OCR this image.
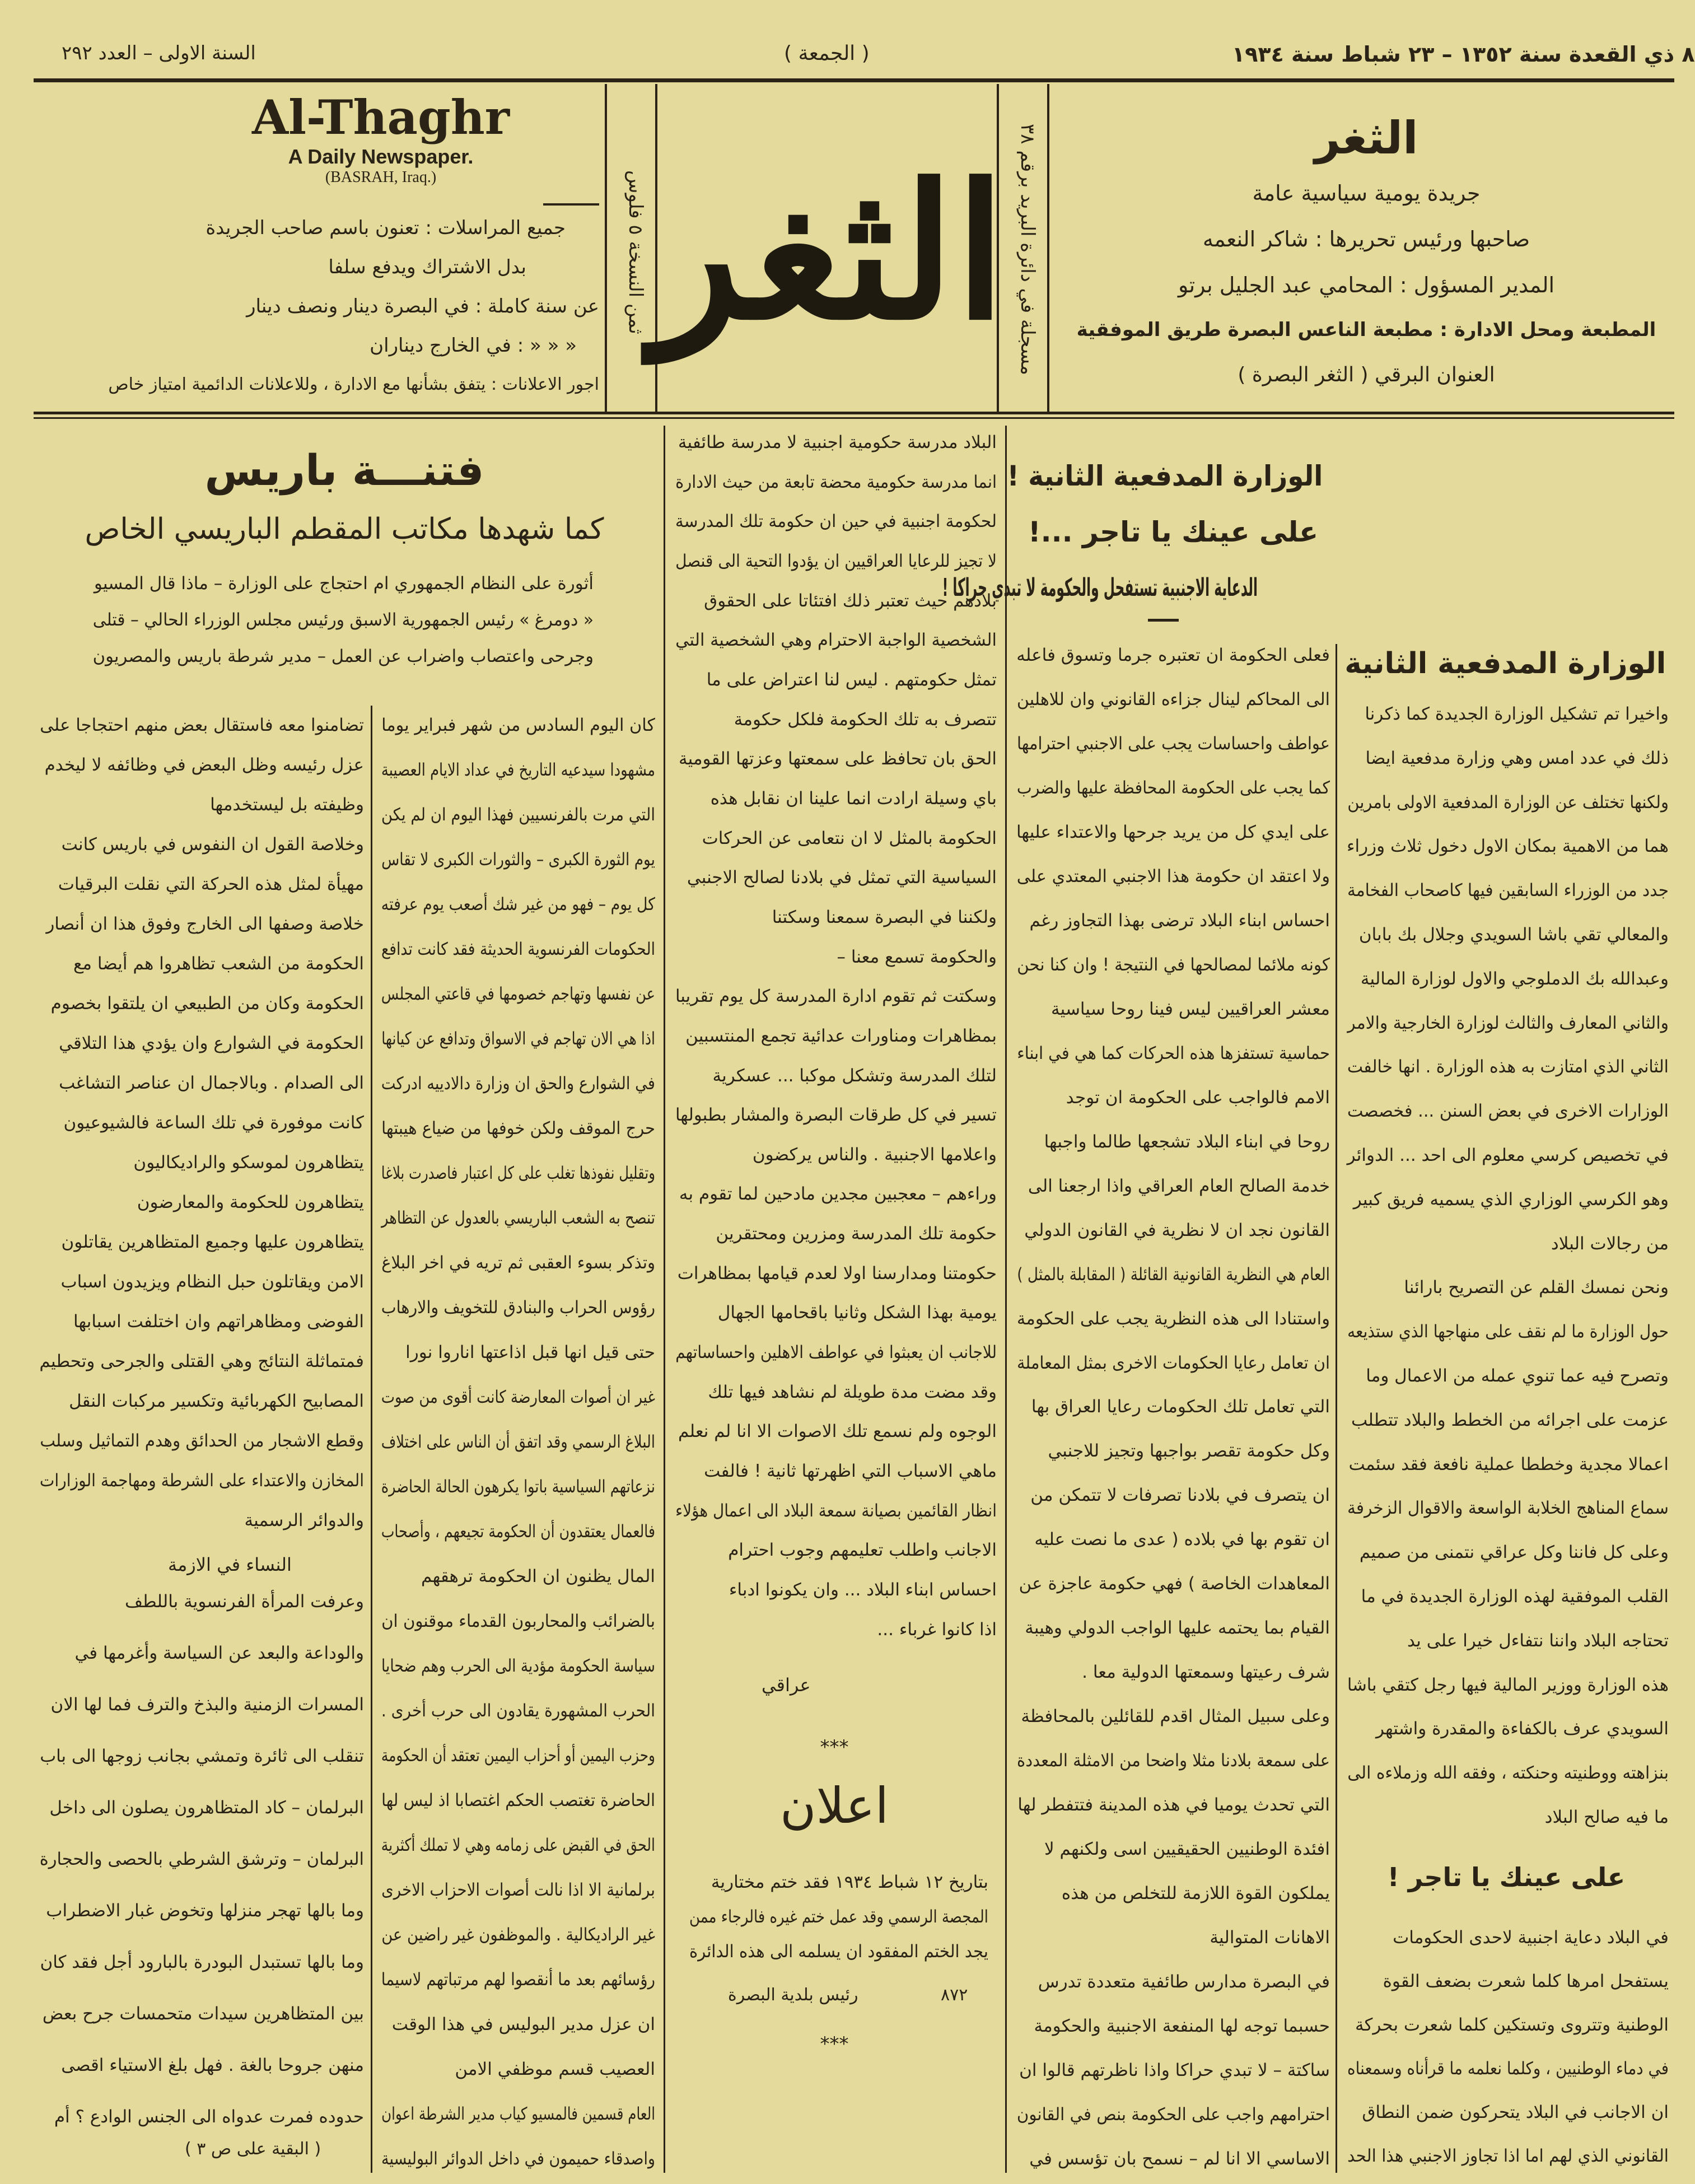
٨ ذي القعدة سنة ١٣٥٢ – ٢٣ شباط سنة ١٩٣٤
( الجمعة )
السنة الاولى – العدد ٢٩٢
ثمن النسخة ٥ فلوس
مسجلة في دائرة البريد برقم ٣٨
الثغر
الثغر
جريدة يومية سياسية عامة
صاحبها ورئيس تحريرها : شاكر النعمه
المدير المسؤول : المحامي عبد الجليل برتو
المطبعة ومحل الادارة : مطبعة الناعس البصرة طريق الموفقية
العنوان البرقي ( الثغر البصرة )
Al-Thaghr
A Daily Newspaper.
(BASRAH, Iraq.)
جميع المراسلات : تعنون باسم صاحب الجريدة
بدل الاشتراك ويدفع سلفا
عن سنة كاملة : في البصرة دينار ونصف دينار
« « « : في الخارج ديناران
اجور الاعلانات : يتفق بشأنها مع الادارة ، وللاعلانات الدائمية امتياز خاص
الوزارة المدفعية الثانية !
على عينك يا تاجر ...!
الدعاية الاجنبية تستفحل والحكومة لا تبدي حراكا !
الوزارة المدفعية الثانية
واخيرا تم تشكيل الوزارة الجديدة كما ذكرنا
ذلك في عدد امس وهي وزارة مدفعية ايضا
ولكنها تختلف عن الوزارة المدفعية الاولى بامرين
هما من الاهمية بمكان الاول دخول ثلاث وزراء
جدد من الوزراء السابقين فيها كاصحاب الفخامة
والمعالي تقي باشا السويدي وجلال بك بابان
وعبدالله بك الدملوجي والاول لوزارة المالية
والثاني المعارف والثالث لوزارة الخارجية والامر
الثاني الذي امتازت به هذه الوزارة . انها خالفت
الوزارات الاخرى في بعض السنن ... فخصصت
في تخصيص كرسي معلوم الى احد ... الدوائر
وهو الكرسي الوزاري الذي يسميه فريق كبير
من رجالات البلاد
ونحن نمسك القلم عن التصريح بارائنا
حول الوزارة ما لم نقف على منهاجها الذي ستذيعه
وتصرح فيه عما تنوي عمله من الاعمال وما
عزمت على اجرائه من الخطط والبلاد تتطلب
اعمالا مجدية وخططا عملية نافعة فقد سئمت
سماع المناهج الخلابة الواسعة والاقوال الزخرفة
وعلى كل فاننا وكل عراقي نتمنى من صميم
القلب الموفقية لهذه الوزارة الجديدة في ما
تحتاجه البلاد واننا نتفاءل خيرا على يد
هذه الوزارة ووزير المالية فيها رجل كتقي باشا
السويدي عرف بالكفاءة والمقدرة واشتهر
بنزاهته ووطنيته وحنكته ، وفقه الله وزملاءه الى
ما فيه صالح البلاد
على عينك يا تاجر !
في البلاد دعاية اجنبية لاحدى الحكومات
يستفحل امرها كلما شعرت بضعف القوة
الوطنية وتتروى وتستكين كلما شعرت بحركة
في دماء الوطنيين ، وكلما نعلمه ما قرأناه وسمعناه
ان الاجانب في البلاد يتحركون ضمن النطاق
القانوني الذي لهم اما اذا تجاوز الاجنبي هذا الحد
فعلى الحكومة ان تعتبره جرما وتسوق فاعله
الى المحاكم لينال جزاءه القانوني وان للاهلين
عواطف واحساسات يجب على الاجنبي احترامها
كما يجب على الحكومة المحافظة عليها والضرب
على ايدي كل من يريد جرحها والاعتداء عليها
ولا اعتقد ان حكومة هذا الاجنبي المعتدي على
احساس ابناء البلاد ترضى بهذا التجاوز رغم
كونه ملائما لمصالحها في النتيجة ! وان كنا نحن
معشر العراقيين ليس فينا روحا سياسية
حماسية تستفزها هذه الحركات كما هي في ابناء
الامم فالواجب على الحكومة ان توجد
روحا في ابناء البلاد تشجعها طالما واجبها
خدمة الصالح العام العراقي واذا ارجعنا الى
القانون نجد ان لا نظرية في القانون الدولي
العام هي النظرية القانونية القائلة ( المقابلة بالمثل )
واستنادا الى هذه النظرية يجب على الحكومة
ان تعامل رعايا الحكومات الاخرى بمثل المعاملة
التي تعامل تلك الحكومات رعايا العراق بها
وكل حكومة تقصر بواجبها وتجيز للاجنبي
ان يتصرف في بلادنا تصرفات لا تتمكن من
ان تقوم بها في بلاده ( عدى ما نصت عليه
المعاهدات الخاصة ) فهي حكومة عاجزة عن
القيام بما يحتمه عليها الواجب الدولي وهيبة
شرف رعيتها وسمعتها الدولية معا .
وعلى سبيل المثال اقدم للقائلين بالمحافظة
على سمعة بلادنا مثلا واضحا من الامثلة المعددة
التي تحدث يوميا في هذه المدينة فتتفطر لها
افئدة الوطنيين الحقيقيين اسى ولكنهم لا
يملكون القوة اللازمة للتخلص من هذه
الاهانات المتوالية
في البصرة مدارس طائفية متعددة تدرس
حسبما توجه لها المنفعة الاجنبية والحكومة
ساكتة – لا تبدي حراكا واذا ناظرتهم قالوا ان
احترامهم واجب على الحكومة بنص في القانون
الاساسي الا انا لم – نسمح بان تؤسس في
البلاد مدرسة حكومية اجنبية لا مدرسة طائفية
انما مدرسة حكومية محضة تابعة من حيث الادارة
لحكومة اجنبية في حين ان حكومة تلك المدرسة
لا تجيز للرعايا العراقيين ان يؤدوا التحية الى قنصل
بلادهم حيث تعتبر ذلك افتئاتا على الحقوق
الشخصية الواجبة الاحترام وهي الشخصية التي
تمثل حكومتهم . ليس لنا اعتراض على ما
تتصرف به تلك الحكومة فلكل حكومة
الحق بان تحافظ على سمعتها وعزتها القومية
باي وسيلة ارادت انما علينا ان نقابل هذه
الحكومة بالمثل لا ان نتعامى عن الحركات
السياسية التي تمثل في بلادنا لصالح الاجنبي
ولكننا في البصرة سمعنا وسكتنا
والحكومة تسمع معنا –
وسكتت ثم تقوم ادارة المدرسة كل يوم تقريبا
بمظاهرات ومناورات عدائية تجمع المنتسبين
لتلك المدرسة وتشكل موكبا ... عسكرية
تسير في كل طرقات البصرة والمشار بطبولها
واعلامها الاجنبية . والناس يركضون
وراءهم – معجبين مجدين مادحين لما تقوم به
حكومة تلك المدرسة ومزرين ومحتقرين
حكومتنا ومدارسنا اولا لعدم قيامها بمظاهرات
يومية بهذا الشكل وثانيا باقحامها الجهال
للاجانب ان يعبثوا في عواطف الاهلين واحساساتهم
وقد مضت مدة طويلة لم نشاهد فيها تلك
الوجوه ولم نسمع تلك الاصوات الا انا لم نعلم
ماهي الاسباب التي اظهرتها ثانية ! فالفت
انظار القائمين بصيانة سمعة البلاد الى اعمال هؤلاء
الاجانب واطلب تعليمهم وجوب احترام
احساس ابناء البلاد ... وان يكونوا ادباء
اذا كانوا غرباء ...
عراقي
***
اعلان
بتاريخ ١٢ شباط ١٩٣٤ فقد ختم مختارية
المجصة الرسمي وقد عمل ختم غيره فالرجاء ممن
يجد الختم المفقود ان يسلمه الى هذه الدائرة
رئيس بلدية البصرة	٨٧٢
***
فتنـــة باريس
كما شهدها مكاتب المقطم الباريسي الخاص
أثورة على النظام الجمهوري ام احتجاج على الوزارة – ماذا قال المسيو
« دومرغ » رئيس الجمهورية الاسبق ورئيس مجلس الوزراء الحالي – قتلى
وجرحى واعتصاب واضراب عن العمل – مدير شرطة باريس والمصريون
كان اليوم السادس من شهر فبراير يوما
مشهودا سيدعيه التاريخ في عداد الايام العصيبة
التي مرت بالفرنسيين فهذا اليوم ان لم يكن
يوم الثورة الكبرى – والثورات الكبرى لا تقاس
كل يوم – فهو من غير شك أصعب يوم عرفته
الحكومات الفرنسوية الحديثة فقد كانت تدافع
عن نفسها وتهاجم خصومها في قاعتي المجلس
اذا هي الان تهاجم في الاسواق وتدافع عن كيانها
في الشوارع والحق ان وزارة دالادييه ادركت
حرج الموقف ولكن خوفها من ضياع هيبتها
وتقليل نفوذها تغلب على كل اعتبار فاصدرت بلاغا
تنصح به الشعب الباريسي بالعدول عن التظاهر
وتذكر بسوء العقبى ثم تريه في اخر البلاغ
رؤوس الحراب والبنادق للتخويف والارهاب
حتى قيل انها قبل اذاعتها اناروا نورا
غير ان أصوات المعارضة كانت أقوى من صوت
البلاغ الرسمي وقد اتفق أن الناس على اختلاف
نزعاتهم السياسية باتوا يكرهون الحالة الحاضرة
فالعمال يعتقدون أن الحكومة تجيعهم ، وأصحاب
المال يظنون ان الحكومة ترهقهم
بالضرائب والمحاربون القدماء موقنون ان
سياسة الحكومة مؤدية الى الحرب وهم ضحايا
الحرب المشهورة يقادون الى حرب أخرى .
وحزب اليمين أو أحزاب اليمين تعتقد أن الحكومة
الحاضرة تغتصب الحكم اغتصابا اذ ليس لها
الحق في القبض على زمامه وهي لا تملك أكثرية
برلمانية الا اذا نالت أصوات الاحزاب الاخرى
غير الراديكالية . والموظفون غير راضين عن
رؤسائهم بعد ما أنقصوا لهم مرتباتهم لاسيما
ان عزل مدير البوليس في هذا الوقت
العصيب قسم موظفي الامن
العام قسمين فالمسيو كياب مدير الشرطة اعوان
واصدقاء حميمون في داخل الدوائر البوليسية
تضامنوا معه فاستقال بعض منهم احتجاجا على
عزل رئيسه وظل البعض في وظائفه لا ليخدم
وظيفته بل ليستخدمها
وخلاصة القول ان النفوس في باريس كانت
مهيأة لمثل هذه الحركة التي نقلت البرقيات
خلاصة وصفها الى الخارج وفوق هذا ان أنصار
الحكومة من الشعب تظاهروا هم أيضا مع
الحكومة وكان من الطبيعي ان يلتقوا بخصوم
الحكومة في الشوارع وان يؤدي هذا التلاقي
الى الصدام . وبالاجمال ان عناصر التشاغب
كانت موفورة في تلك الساعة فالشيوعيون
يتظاهرون لموسكو والراديكاليون
يتظاهرون للحكومة والمعارضون
يتظاهرون عليها وجميع المتظاهرين يقاتلون
الامن ويقاتلون حبل النظام ويزيدون اسباب
الفوضى ومظاهراتهم وان اختلفت اسبابها
فمتماثلة النتائج وهي القتلى والجرحى وتحطيم
المصابيح الكهربائية وتكسير مركبات النقل
وقطع الاشجار من الحدائق وهدم التماثيل وسلب
المخازن والاعتداء على الشرطة ومهاجمة الوزارات
والدوائر الرسمية
النساء في الازمة
وعرفت المرأة الفرنسوية باللطف
والوداعة والبعد عن السياسة وأغرمها في
المسرات الزمنية والبذخ والترف فما لها الان
تنقلب الى ثائرة وتمشي بجانب زوجها الى باب
البرلمان – كاد المتظاهرون يصلون الى داخل
البرلمان – وترشق الشرطي بالحصى والحجارة
وما بالها تهجر منزلها وتخوض غبار الاضطراب
وما بالها تستبدل البودرة بالبارود أجل فقد كان
بين المتظاهرين سيدات متحمسات جرح بعض
منهن جروحا بالغة . فهل بلغ الاستياء اقصى
حدوده فمرت عدواه الى الجنس الوادع ؟ أم
( البقية على ص ٣ )
